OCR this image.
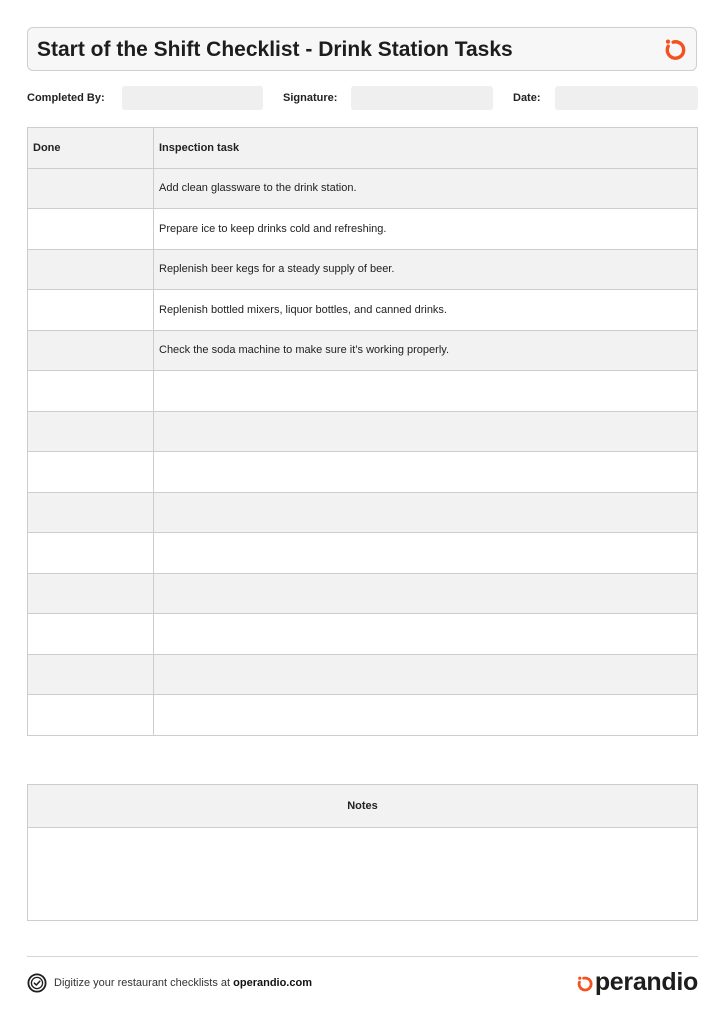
Start of the Shift Checklist - Drink Station Tasks
Completed By:	Signature:	Date:
Done	Inspection task
	Add clean glassware to the drink station.
	Prepare ice to keep drinks cold and refreshing.
	Replenish beer kegs for a steady supply of beer.
	Replenish bottled mixers, liquor bottles, and canned drinks.
	Check the soda machine to make sure it’s working properly.

Notes
Digitize your restaurant checklists at operandio.com	perandio
